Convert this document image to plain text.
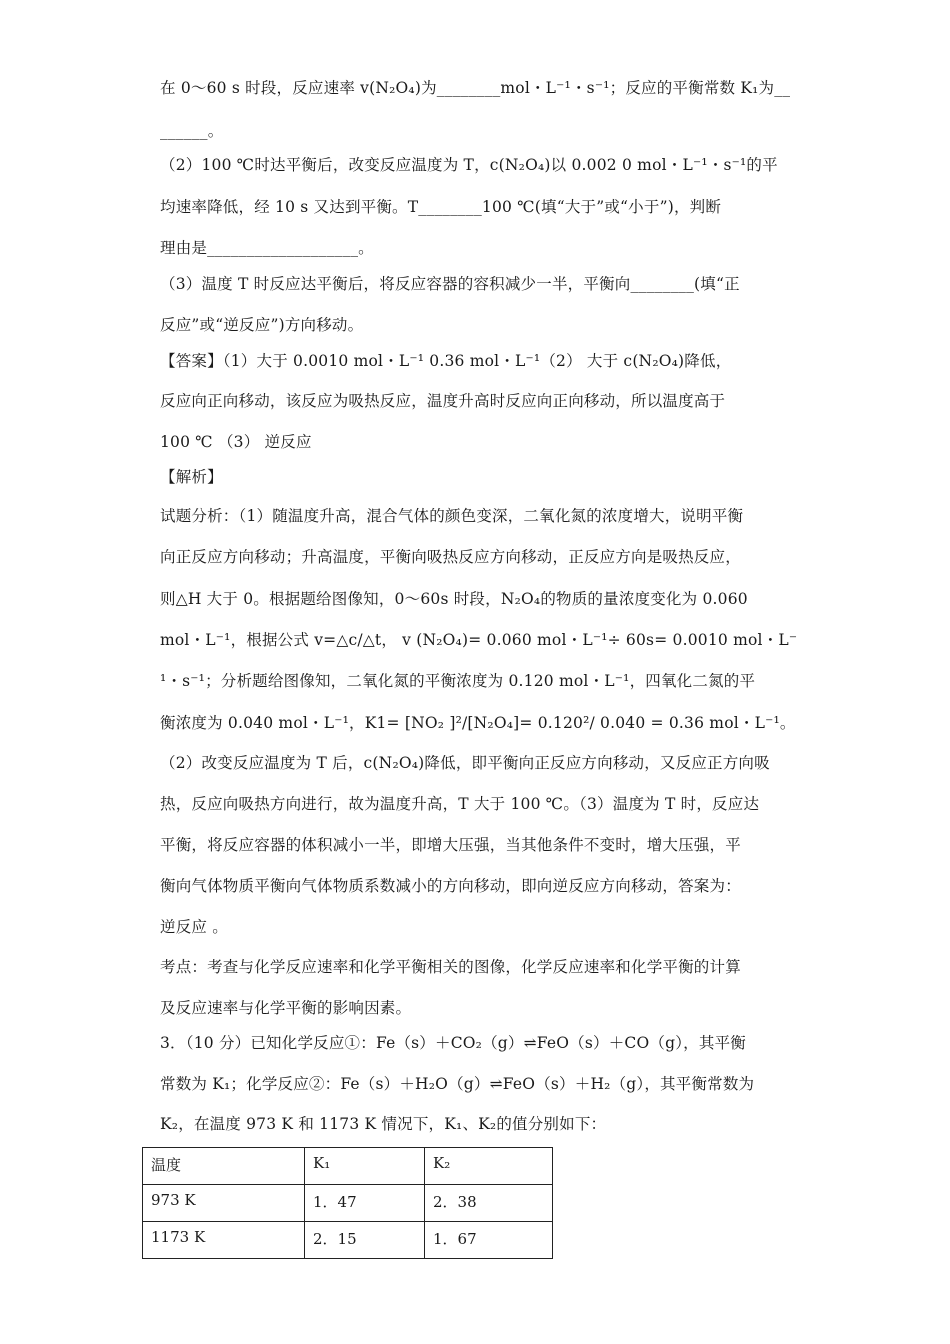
在 0～60 s 时段，反应速率 v(N₂O₄)为________mol・L⁻¹・s⁻¹；反应的平衡常数 K₁为__
______。
（2）100 ℃时达平衡后，改变反应温度为 T，c(N₂O₄)以 0.002 0 mol・L⁻¹・s⁻¹的平
均速率降低，经 10 s 又达到平衡。T________100 ℃(填“大于”或“小于”)，判断
理由是___________________。
（3）温度 T 时反应达平衡后，将反应容器的容积减少一半，平衡向________(填“正
反应”或“逆反应”)方向移动。
【答案】（1）大于 0.0010 mol・L⁻¹ 0.36 mol・L⁻¹（2） 大于 c(N₂O₄)降低，
反应向正向移动，该反应为吸热反应，温度升高时反应向正向移动，所以温度高于
100 ℃ （3） 逆反应
【解析】
试题分析：（1）随温度升高，混合气体的颜色变深，二氧化氮的浓度增大，说明平衡
向正反应方向移动；升高温度，平衡向吸热反应方向移动，正反应方向是吸热反应，
则△H 大于 0。根据题给图像知，0～60s 时段，N₂O₄的物质的量浓度变化为 0.060
mol・L⁻¹，根据公式 v=△c/△t， v (N₂O₄)= 0.060 mol・L⁻¹÷ 60s= 0.0010 mol・L⁻
¹・s⁻¹；分析题给图像知，二氧化氮的平衡浓度为 0.120 mol・L⁻¹，四氧化二氮的平
衡浓度为 0.040 mol・L⁻¹，K1= [NO₂ ]²/[N₂O₄]= 0.120²/ 0.040 = 0.36 mol・L⁻¹。
（2）改变反应温度为 T 后，c(N₂O₄)降低，即平衡向正反应方向移动，又反应正方向吸
热，反应向吸热方向进行，故为温度升高，T 大于 100 ℃。（3）温度为 T 时，反应达
平衡，将反应容器的体积减小一半，即增大压强，当其他条件不变时，增大压强，平
衡向气体物质平衡向气体物质系数减小的方向移动，即向逆反应方向移动，答案为：
逆反应 。
考点：考查与化学反应速率和化学平衡相关的图像，化学反应速率和化学平衡的计算
及反应速率与化学平衡的影响因素。
3．（10 分）已知化学反应①：Fe（s）＋CO₂（g）⇌FeO（s）＋CO（g），其平衡
常数为 K₁；化学反应②：Fe（s）＋H₂O（g）⇌FeO（s）＋H₂（g），其平衡常数为
K₂，在温度 973 K 和 1173 K 情况下，K₁、K₂的值分别如下：
温度	K₁	K₂
973 K	1．47	2．38
1173 K	2．15	1．67
